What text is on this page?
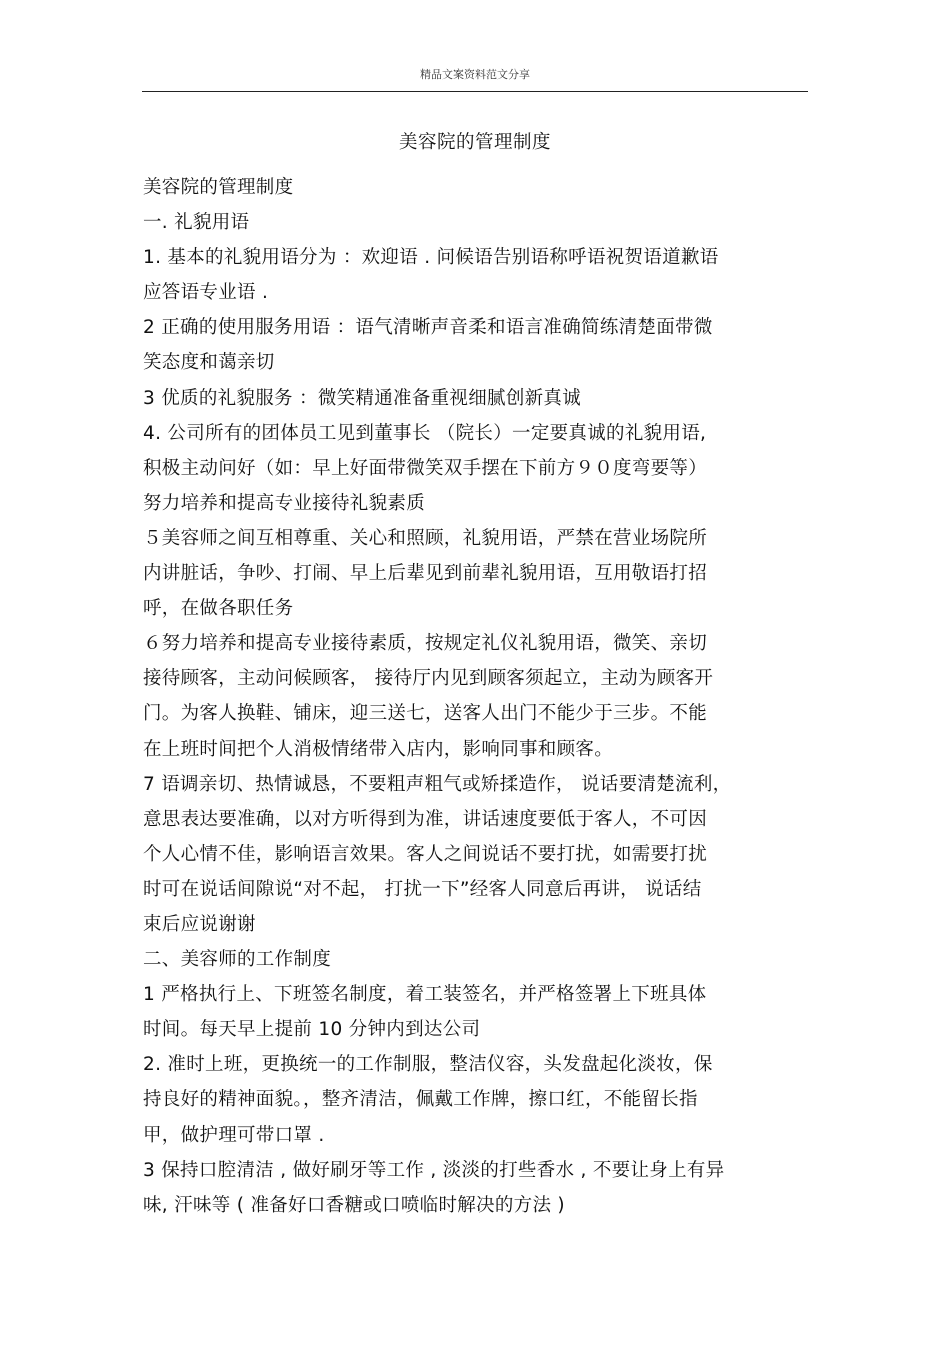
精品文案资料范文分享
美容院的管理制度
美容院的管理制度
一. 礼貌用语
1. 基本的礼貌用语分为 ：欢迎语 . 问候语告别语称呼语祝贺语道歉语
应答语专业语 .
2 正确的使用服务用语 ：语气清晰声音柔和语言准确简练清楚面带微
笑态度和蔼亲切
3 优质的礼貌服务 ：微笑精通准备重视细腻创新真诚
4. 公司所有的团体员工见到董事长 （院长）一定要真诚的礼貌用语,
积极主动问好（如：早上好面带微笑双手摆在下前方９０度弯要等）
努力培养和提高专业接待礼貌素质
５美容师之间互相尊重、关心和照顾，礼貌用语，严禁在营业场院所
内讲脏话，争吵、打闹、早上后辈见到前辈礼貌用语，互用敬语打招
呼，在做各职任务
６努力培养和提高专业接待素质，按规定礼仪礼貌用语，微笑、亲切
接待顾客，主动问候顾客， 接待厅内见到顾客须起立，主动为顾客开
门。为客人换鞋、铺床，迎三送七，送客人出门不能少于三步。不能
在上班时间把个人消极情绪带入店内，影响同事和顾客。
7 语调亲切、热情诚恳，不要粗声粗气或矫揉造作， 说话要清楚流利，
意思表达要准确，以对方听得到为准，讲话速度要低于客人，不可因
个人心情不佳，影响语言效果。客人之间说话不要打扰，如需要打扰
时可在说话间隙说“对不起， 打扰一下”经客人同意后再讲， 说话结
束后应说谢谢
二、美容师的工作制度
1 严格执行上、下班签名制度，着工装签名，并严格签署上下班具体
时间。每天早上提前 10 分钟内到达公司
2. 准时上班，更换统一的工作制服，整洁仪容，头发盘起化淡妆，保
持良好的精神面貌。，整齐清洁，佩戴工作牌，擦口红，不能留长指
甲，做护理可带口罩 .
3 保持口腔清洁 , 做好刷牙等工作 , 淡淡的打些香水 , 不要让身上有异
味, 汗味等 ( 准备好口香糖或口喷临时解决的方法 )
